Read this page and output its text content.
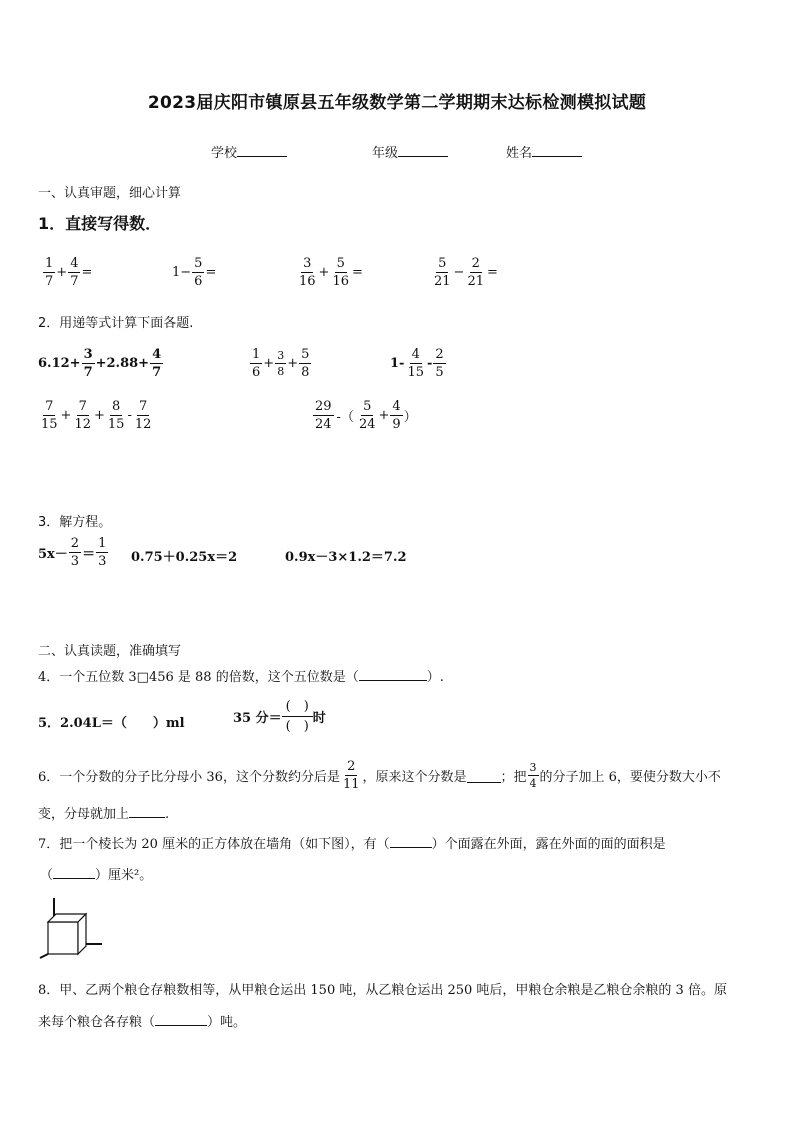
2023届庆阳市镇原县五年级数学第二学期期末达标检测模拟试题
学校	年级	姓名
一、认真审题，细心计算
1．直接写得数．
$\frac{1}{7} + \frac{4}{7}$ =	$1- \frac{5}{6}$ =	$\frac{3}{16} + \frac{5}{16}$ =	$\frac{5}{21} - \frac{2}{21}$ =
2．用递等式计算下面各题.
$6.12+ \frac{3}{7} +2.88+ \frac{4}{7}$	$\frac{1}{6} + \frac{3}{8} + \frac{5}{8}$	$1- \frac{4}{15} - \frac{2}{5}$
$\frac{7}{15} + \frac{7}{12} + \frac{8}{15} - \frac{7}{12}$	$\frac{29}{24}$ -（ $\frac{5}{24} + \frac{4}{9}$ ）
3．解方程。
$5x- \frac{2}{3} = \frac{1}{3} 0.75+0.25x=2$	0.9x－3×1.2＝7.2
二、认真读题，准确填写
4．一个五位数 3□456 是 88 的倍数，这个五位数是（	）.
5．2.04L＝（　　）ml	35 分＝
(　)
(　)
时
6．一个分数的分子比分母小 36，这个分数约分后是 $\frac{2}{11}$ ，原来这个分数是	；把 $\frac{3}{4}$ 的分子加上 6，要使分数大小不
变，分母就加上	.
7．把一个棱长为 20 厘米的正方体放在墙角（如下图），有（	）个面露在外面，露在外面的面的面积是
（	）厘米²。
8．甲、乙两个粮仓存粮数相等，从甲粮仓运出 150 吨，从乙粮仓运出 250 吨后，甲粮仓余粮是乙粮仓余粮的 3 倍。原
来每个粮仓各存粮（	）吨。
